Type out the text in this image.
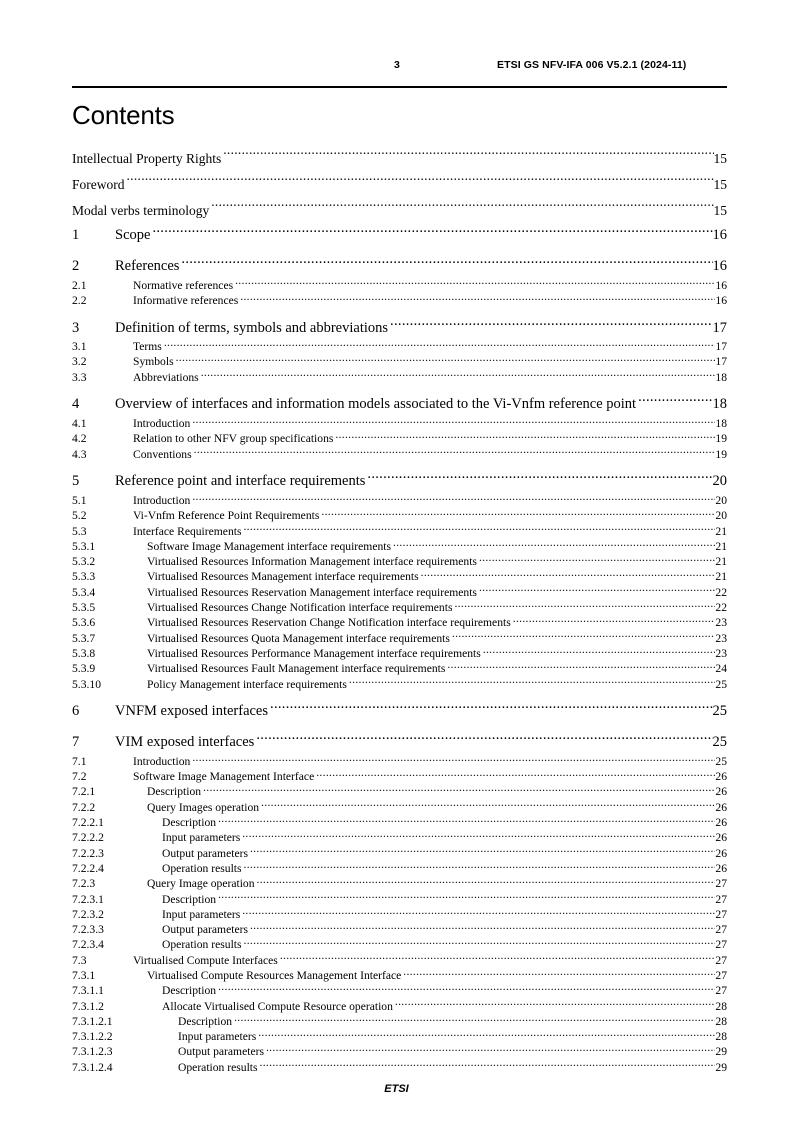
3	ETSI GS NFV-IFA 006 V5.2.1 (2024-11)
Contents
Intellectual Property Rights .....	15
Foreword .....	15
Modal verbs terminology .....	15
1	Scope .....	16
2	References .....	16
2.1	Normative references .....	16
2.2	Informative references .....	16
3	Definition of terms, symbols and abbreviations .....	17
3.1	Terms .....	17
3.2	Symbols .....	17
3.3	Abbreviations .....	18
4	Overview of interfaces and information models associated to the Vi-Vnfm reference point .....	18
4.1	Introduction .....	18
4.2	Relation to other NFV group specifications .....	19
4.3	Conventions .....	19
5	Reference point and interface requirements .....	20
5.1	Introduction .....	20
5.2	Vi-Vnfm Reference Point Requirements .....	20
5.3	Interface Requirements .....	21
5.3.1	Software Image Management interface requirements .....	21
5.3.2	Virtualised Resources Information Management interface requirements .....	21
5.3.3	Virtualised Resources Management interface requirements .....	21
5.3.4	Virtualised Resources Reservation Management interface requirements .....	22
5.3.5	Virtualised Resources Change Notification interface requirements .....	22
5.3.6	Virtualised Resources Reservation Change Notification interface requirements .....	23
5.3.7	Virtualised Resources Quota Management interface requirements .....	23
5.3.8	Virtualised Resources Performance Management interface requirements .....	23
5.3.9	Virtualised Resources Fault Management interface requirements .....	24
5.3.10	Policy Management interface requirements .....	25
6	VNFM exposed interfaces .....	25
7	VIM exposed interfaces .....	25
7.1	Introduction .....	25
7.2	Software Image Management Interface .....	26
7.2.1	Description .....	26
7.2.2	Query Images operation .....	26
7.2.2.1	Description .....	26
7.2.2.2	Input parameters .....	26
7.2.2.3	Output parameters .....	26
7.2.2.4	Operation results .....	26
7.2.3	Query Image operation .....	27
7.2.3.1	Description .....	27
7.2.3.2	Input parameters .....	27
7.2.3.3	Output parameters .....	27
7.2.3.4	Operation results .....	27
7.3	Virtualised Compute Interfaces .....	27
7.3.1	Virtualised Compute Resources Management Interface .....	27
7.3.1.1	Description .....	27
7.3.1.2	Allocate Virtualised Compute Resource operation .....	28
7.3.1.2.1	Description .....	28
7.3.1.2.2	Input parameters .....	28
7.3.1.2.3	Output parameters .....	29
7.3.1.2.4	Operation results .....	29
ETSI
